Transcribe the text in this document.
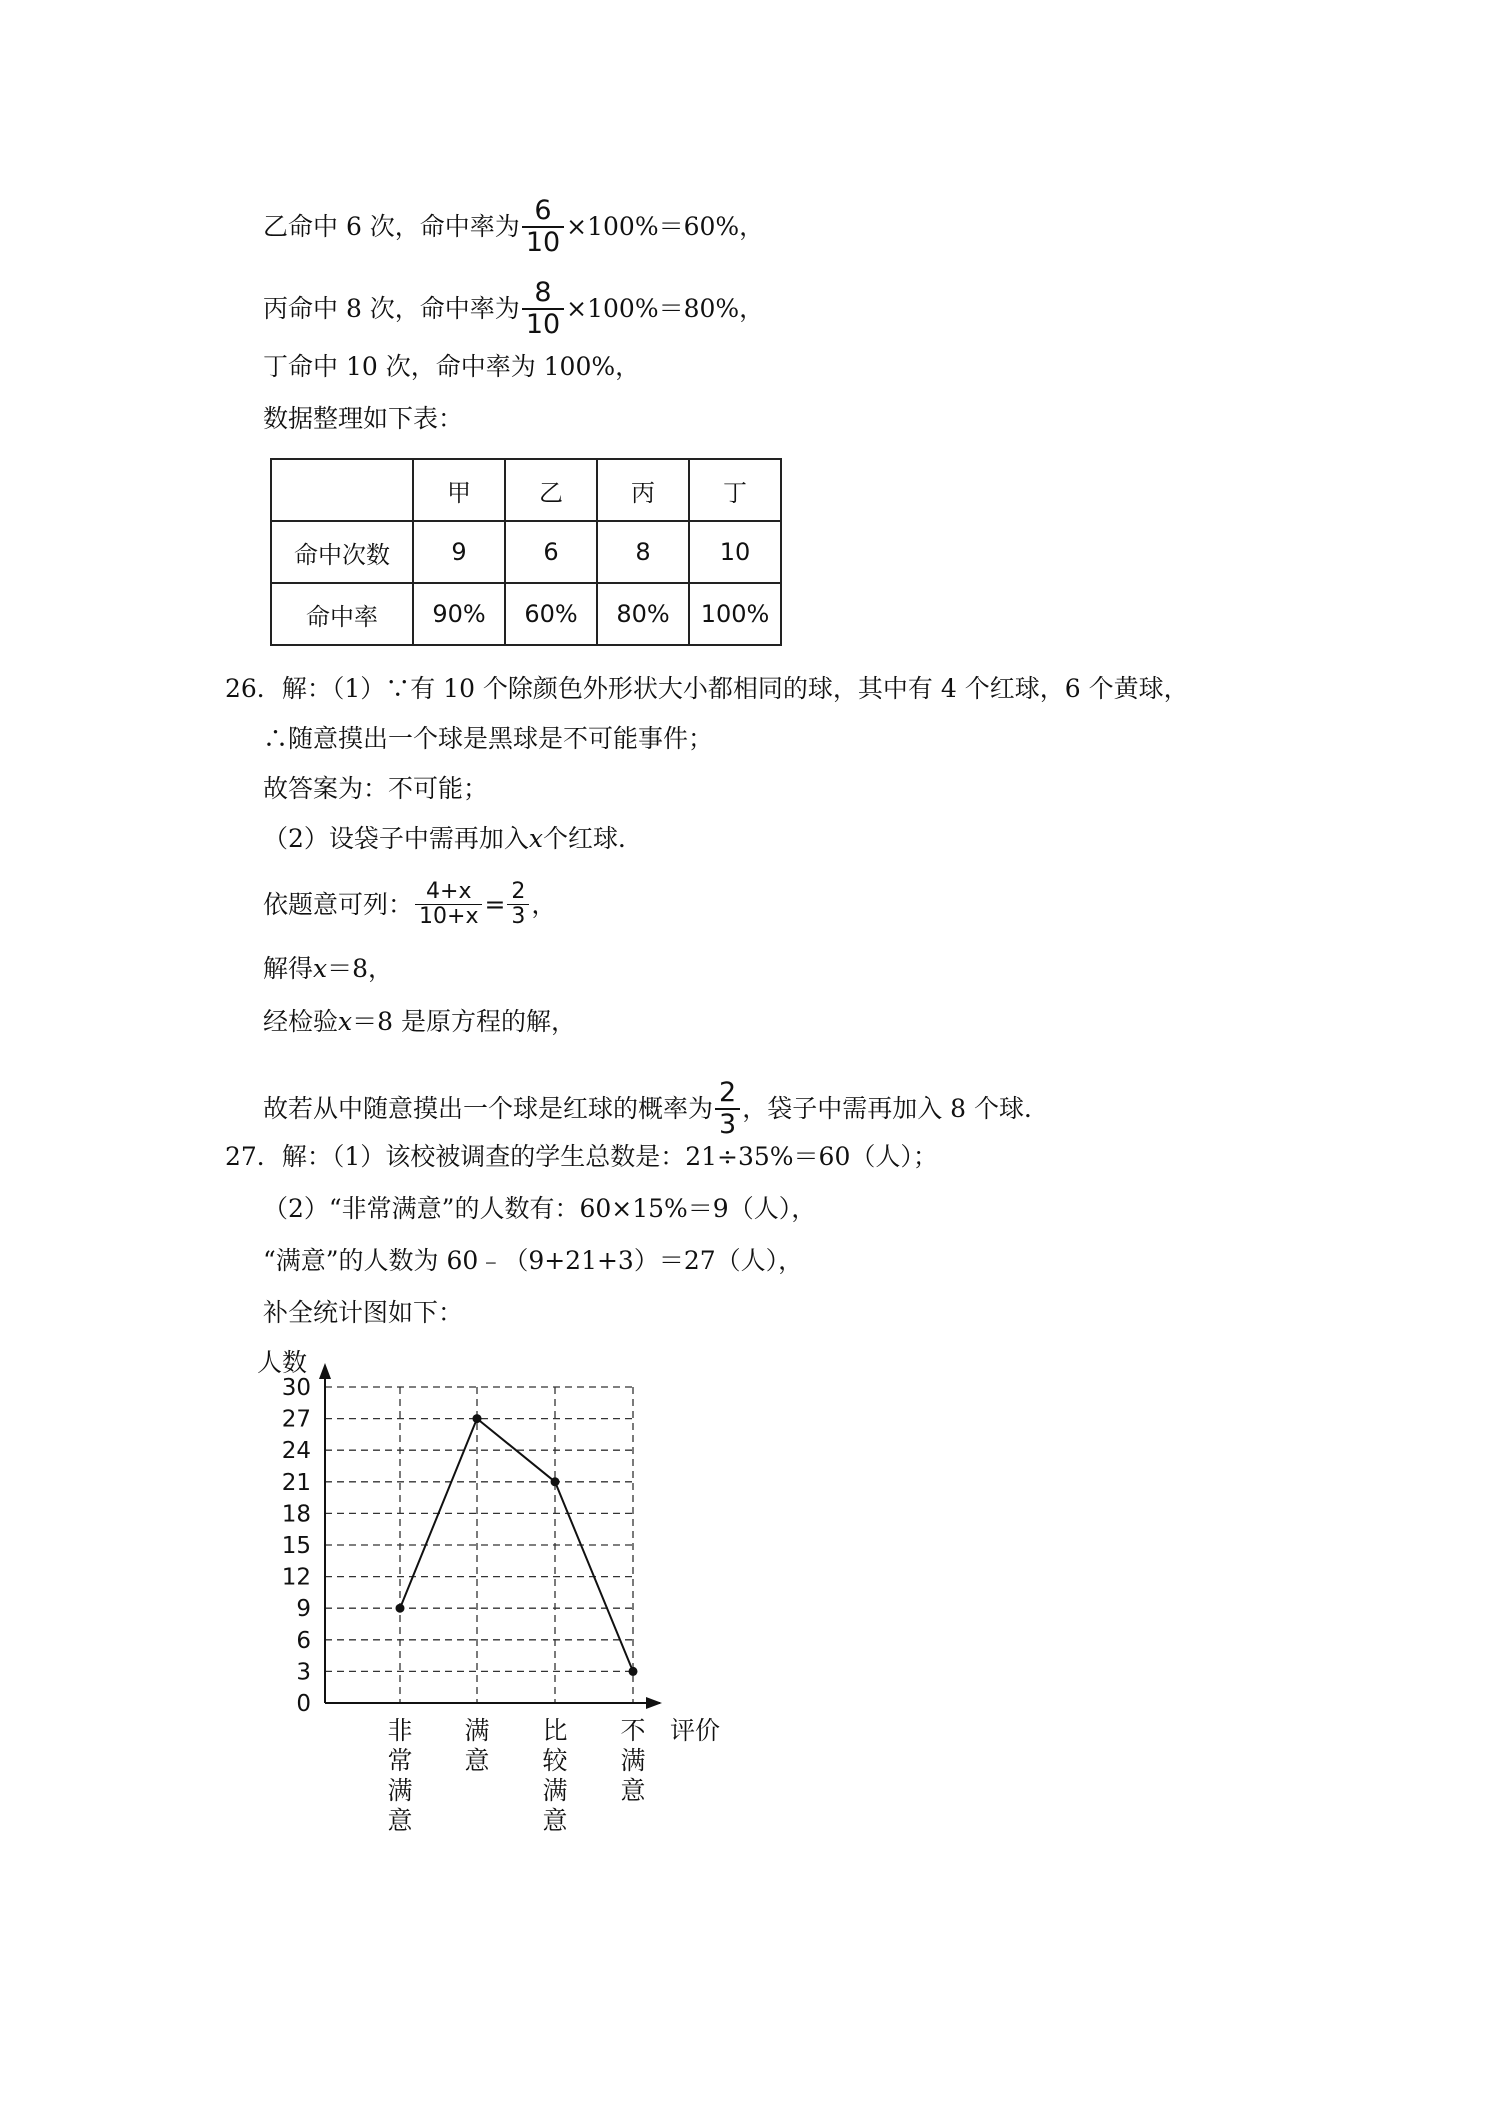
乙命中 6 次，命中率为 $\frac{6}{10} \times 100\%=60\%$，
丙命中 8 次，命中率为 $\frac{8}{10} \times 100\%=80\%$，
丁命中 10 次，命中率为 100%，
数据整理如下表：
	甲	乙	丙	丁
命中次数	9	6	8	10
命中率	90%	60%	80%	100%
26． 解：（1）∵有 10 个除颜色外形状大小都相同的球，其中有 4 个红球，6 个黄球，
∴随意摸出一个球是黑球是不可能事件；
故答案为：不可能；
（2）设袋子中需再加入 x 个红球．
依题意可列： $\frac{4+x}{10+x} = \frac{2}{3}$ ，
解得 x ＝8，
经检验 x ＝8 是原方程的解，
故若从中随意摸出一个球是红球的概率为 $\frac{2}{3}$ ，袋子中需再加入 8 个球．
27． 解：（1）该校被调查的学生总数是：21÷35%＝60（人）；
（2）“非常满意”的人数有：60×15%＝9（人），
“满意”的人数为 60﹣（9+21+3）＝27（人），
补全统计图如下：
0
3
6
9
12
15
18
21
24
27
30
非
常
满
意
满
意
比
较
满
意
不
满
意
人数
评价
